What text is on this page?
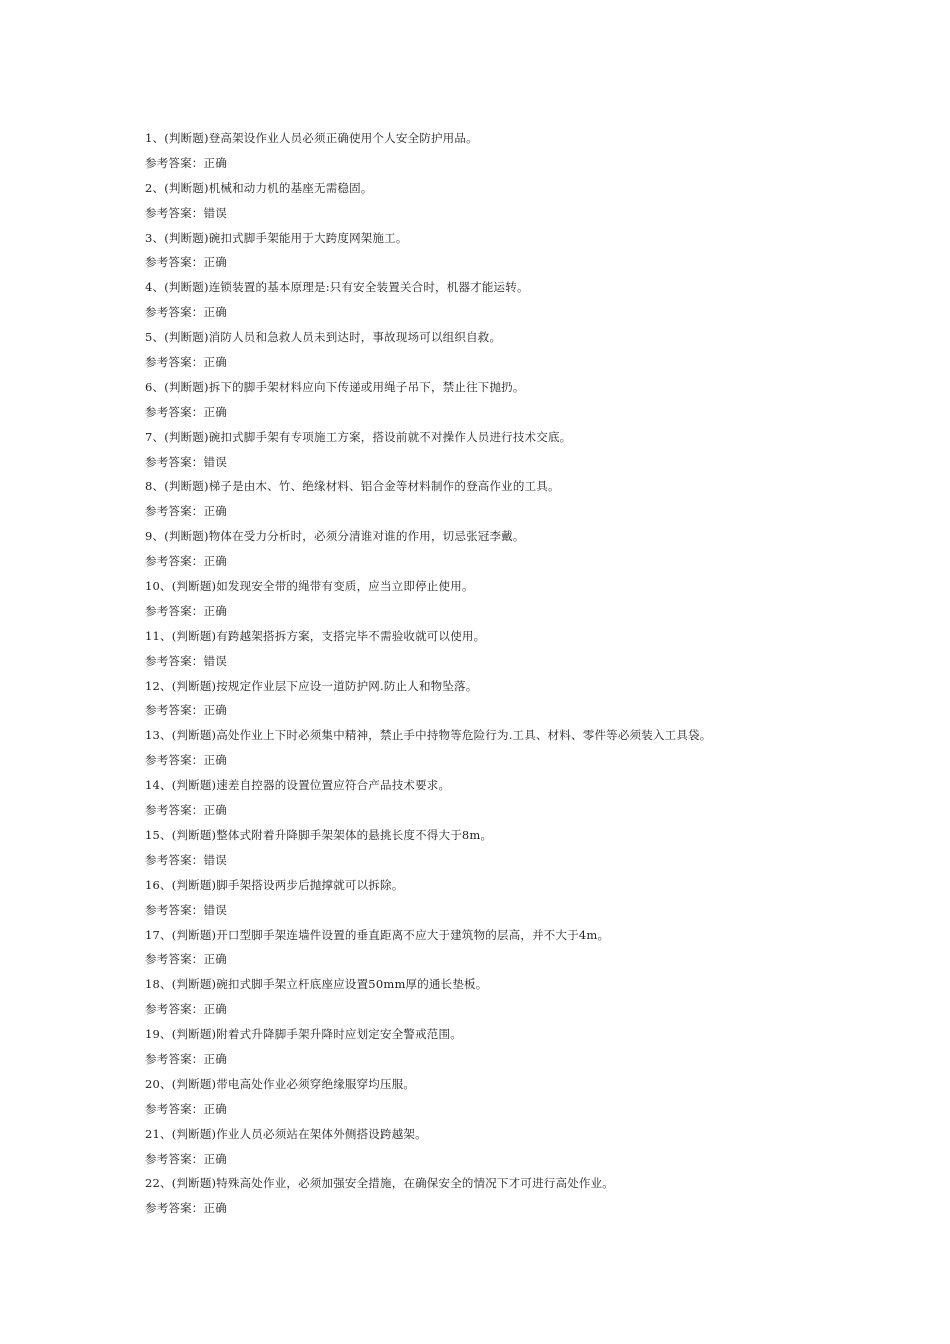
1、(判断题)登高架设作业人员必须正确使用个人安全防护用品。
参考答案：正确
2、(判断题)机械和动力机的基座无需稳固。
参考答案：错误
3、(判断题)碗扣式脚手架能用于大跨度网架施工。
参考答案：正确
4、(判断题)连锁装置的基本原理是:只有安全装置关合时，机器才能运转。
参考答案：正确
5、(判断题)消防人员和急救人员未到达时，事故现场可以组织自救。
参考答案：正确
6、(判断题)拆下的脚手架材料应向下传递或用绳子吊下，禁止往下抛扔。
参考答案：正确
7、(判断题)碗扣式脚手架有专项施工方案，搭设前就不对操作人员进行技术交底。
参考答案：错误
8、(判断题)梯子是由木、竹、绝缘材料、铝合金等材料制作的登高作业的工具。
参考答案：正确
9、(判断题)物体在受力分析时，必须分清谁对谁的作用，切忌张冠李戴。
参考答案：正确
10、(判断题)如发现安全带的绳带有变质，应当立即停止使用。
参考答案：正确
11、(判断题)有跨越架搭拆方案，支搭完毕不需验收就可以使用。
参考答案：错误
12、(判断题)按规定作业层下应设一道防护网.防止人和物坠落。
参考答案：正确
13、(判断题)高处作业上下时必须集中精神，禁止手中持物等危险行为.工具、材料、零件等必须装入工具袋。
参考答案：正确
14、(判断题)速差自控器的设置位置应符合产品技术要求。
参考答案：正确
15、(判断题)整体式附着升降脚手架架体的悬挑长度不得大于8m。
参考答案：错误
16、(判断题)脚手架搭设两步后抛撑就可以拆除。
参考答案：错误
17、(判断题)开口型脚手架连墙件设置的垂直距离不应大于建筑物的层高，并不大于4m。
参考答案：正确
18、(判断题)碗扣式脚手架立杆底座应设置50mm厚的通长垫板。
参考答案：正确
19、(判断题)附着式升降脚手架升降时应划定安全警戒范围。
参考答案：正确
20、(判断题)带电高处作业必须穿绝缘服穿均压服。
参考答案：正确
21、(判断题)作业人员必须站在架体外侧搭设跨越架。
参考答案：正确
22、(判断题)特殊高处作业，必须加强安全措施，在确保安全的情况下才可进行高处作业。
参考答案：正确
